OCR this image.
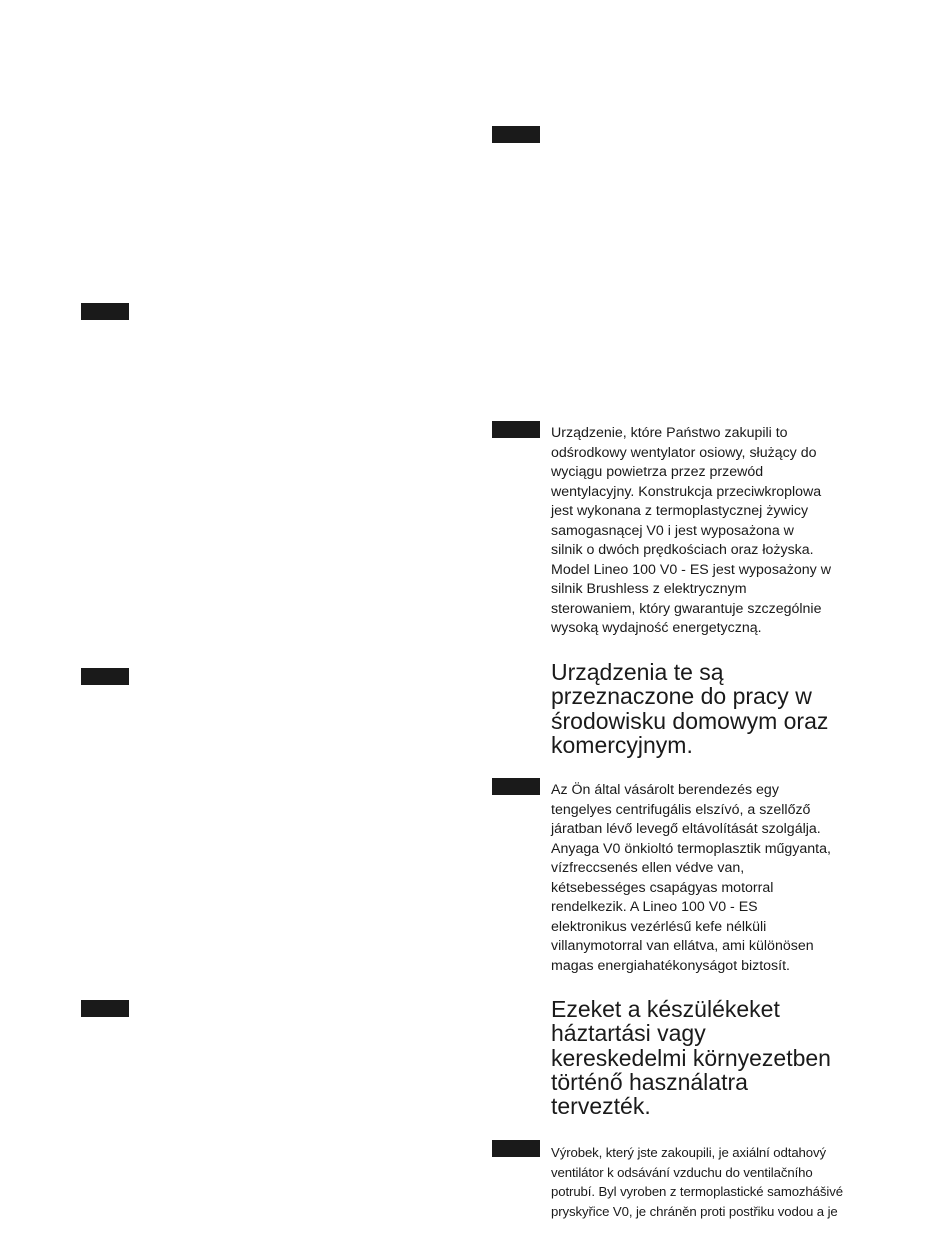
Urządzenie, które Państwo zakupili to
odśrodkowy wentylator osiowy, służący do
wyciągu powietrza przez przewód
wentylacyjny. Konstrukcja przeciwkroplowa
jest wykonana z termoplastycznej żywicy
samogasnącej V0 i jest wyposażona w
silnik o dwóch prędkościach oraz łożyska.
Model Lineo 100 V0 - ES jest wyposażony w
silnik Brushless z elektrycznym
sterowaniem, który gwarantuje szczególnie
wysoką wydajność energetyczną.

Urządzenia te są
przeznaczone do pracy w
środowisku domowym oraz
komercyjnym.

Az Ön által vásárolt berendezés egy
tengelyes centrifugális elszívó, a szellőző
járatban lévő levegő eltávolítását szolgálja.
Anyaga V0 önkioltó termoplasztik műgyanta,
vízfreccsenés ellen védve van,
kétsebességes csapágyas motorral
rendelkezik. A Lineo 100 V0 - ES
elektronikus vezérlésű kefe nélküli
villanymotorral van ellátva, ami különösen
magas energiahatékonyságot biztosít.

Ezeket a készülékeket
háztartási vagy
kereskedelmi környezetben
történő használatra
tervezték.

Výrobek, který jste zakoupili, je axiální odtahový
ventilátor k odsávání vzduchu do ventilačního
potrubí. Byl vyroben z termoplastické samozhášivé
pryskyřice V0, je chráněn proti postřiku vodou a je
